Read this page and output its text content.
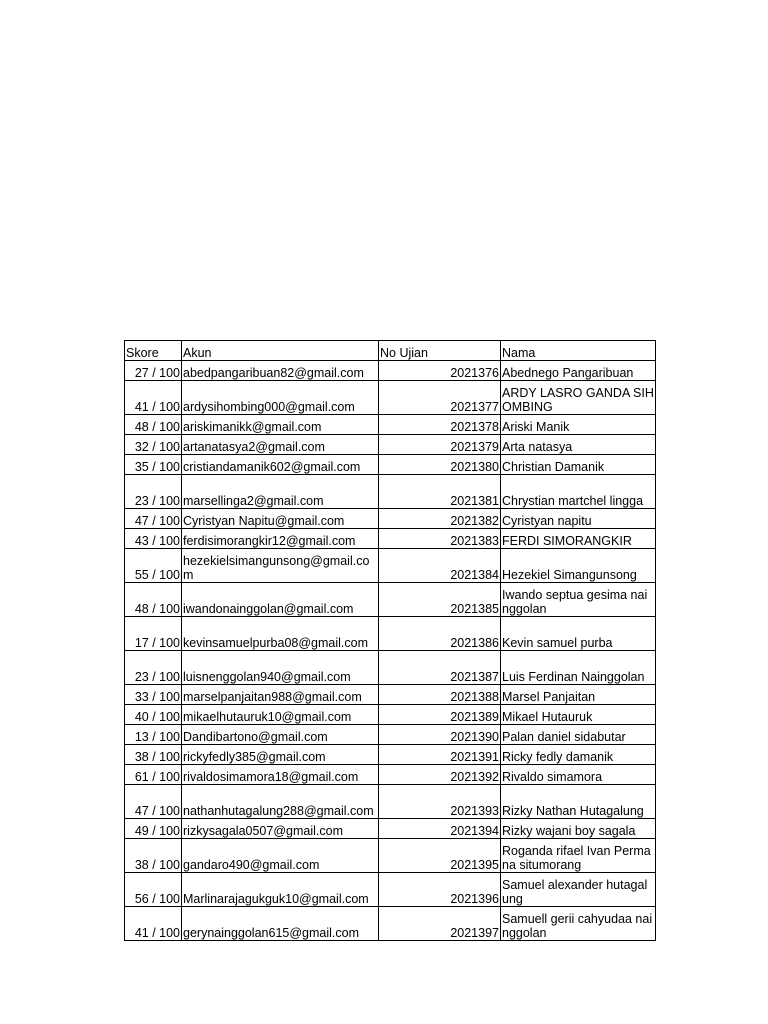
Skore	Akun	No Ujian	Nama
27 / 100	abedpangaribuan82@gmail.com	2021376	Abednego Pangaribuan
41 / 100	ardysihombing000@gmail.com	2021377	ARDY LASRO GANDA SIHOMBING
48 / 100	ariskimanikk@gmail.com	2021378	Ariski Manik
32 / 100	artanatasya2@gmail.com	2021379	Arta natasya
35 / 100	cristiandamanik602@gmail.com	2021380	Christian Damanik
23 / 100	marsellinga2@gmail.com	2021381	Chrystian martchel lingga
47 / 100	Cyristyan Napitu@gmail.com	2021382	Cyristyan napitu
43 / 100	ferdisimorangkir12@gmail.com	2021383	FERDI SIMORANGKIR
55 / 100	hezekielsimangunsong@gmail.com	2021384	Hezekiel Simangunsong
48 / 100	iwandonainggolan@gmail.com	2021385	Iwando septua gesima nainggolan
17 / 100	kevinsamuelpurba08@gmail.com	2021386	Kevin samuel purba
23 / 100	luisnenggolan940@gmail.com	2021387	Luis Ferdinan Nainggolan
33 / 100	marselpanjaitan988@gmail.com	2021388	Marsel Panjaitan
40 / 100	mikaelhutauruk10@gmail.com	2021389	Mikael Hutauruk
13 / 100	Dandibartono@gmail.com	2021390	Palan daniel sidabutar
38 / 100	rickyfedly385@gmail.com	2021391	Ricky fedly damanik
61 / 100	rivaldosimamora18@gmail.com	2021392	Rivaldo simamora
47 / 100	nathanhutagalung288@gmail.com	2021393	Rizky Nathan Hutagalung
49 / 100	rizkysagala0507@gmail.com	2021394	Rizky wajani boy sagala
38 / 100	gandaro490@gmail.com	2021395	Roganda rifael Ivan Permana situmorang
56 / 100	Marlinarajagukguk10@gmail.com	2021396	Samuel alexander hutagalung
41 / 100	gerynainggolan615@gmail.com	2021397	Samuell gerii cahyudaa nainggolan
